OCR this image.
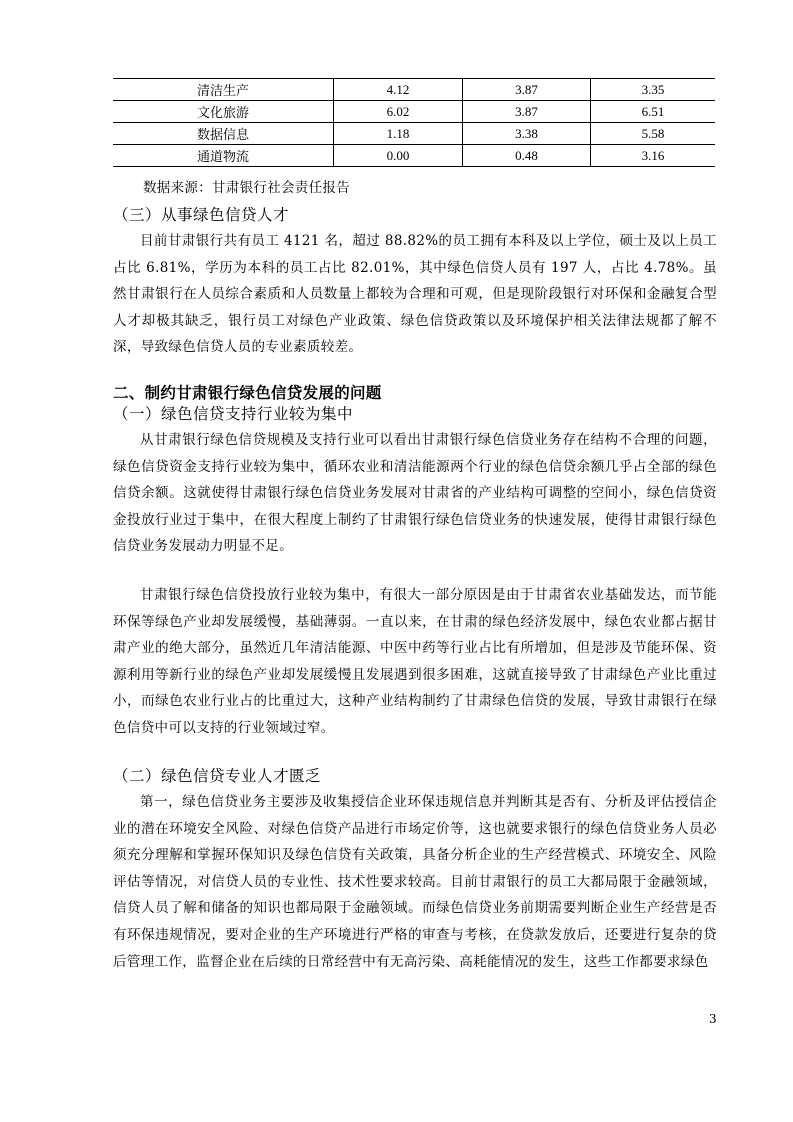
清洁生产	4.12	3.87	3.35
文化旅游	6.02	3.87	6.51
数据信息	1.18	3.38	5.58
通道物流	0.00	0.48	3.16
数据来源：甘肃银行社会责任报告
（三）从事绿色信贷人才

目前甘肃银行共有员工 4121 名，超过 88.82%的员工拥有本科及以上学位，硕士及以上员工占比 6.81%，学历为本科的员工占比 82.01%，其中绿色信贷人员有 197 人，占比 4.78%。虽然甘肃银行在人员综合素质和人员数量上都较为合理和可观，但是现阶段银行对环保和金融复合型人才却极其缺乏，银行员工对绿色产业政策、绿色信贷政策以及环境保护相关法律法规都了解不深，导致绿色信贷人员的专业素质较差。

二、制约甘肃银行绿色信贷发展的问题
（一）绿色信贷支持行业较为集中

从甘肃银行绿色信贷规模及支持行业可以看出甘肃银行绿色信贷业务存在结构不合理的问题，绿色信贷资金支持行业较为集中，循环农业和清洁能源两个行业的绿色信贷余额几乎占全部的绿色信贷余额。这就使得甘肃银行绿色信贷业务发展对甘肃省的产业结构可调整的空间小，绿色信贷资金投放行业过于集中，在很大程度上制约了甘肃银行绿色信贷业务的快速发展，使得甘肃银行绿色信贷业务发展动力明显不足。

甘肃银行绿色信贷投放行业较为集中，有很大一部分原因是由于甘肃省农业基础发达，而节能环保等绿色产业却发展缓慢，基础薄弱。一直以来，在甘肃的绿色经济发展中，绿色农业都占据甘肃产业的绝大部分，虽然近几年清洁能源、中医中药等行业占比有所增加，但是涉及节能环保、资源利用等新行业的绿色产业却发展缓慢且发展遇到很多困难，这就直接导致了甘肃绿色产业比重过小，而绿色农业行业占的比重过大，这种产业结构制约了甘肃绿色信贷的发展，导致甘肃银行在绿色信贷中可以支持的行业领域过窄。

（二）绿色信贷专业人才匮乏

第一，绿色信贷业务主要涉及收集授信企业环保违规信息并判断其是否有、分析及评估授信企业的潜在环境安全风险、对绿色信贷产品进行市场定价等，这也就要求银行的绿色信贷业务人员必须充分理解和掌握环保知识及绿色信贷有关政策，具备分析企业的生产经营模式、环境安全、风险评估等情况，对信贷人员的专业性、技术性要求较高。目前甘肃银行的员工大都局限于金融领域，信贷人员了解和储备的知识也都局限于金融领域。而绿色信贷业务前期需要判断企业生产经营是否有环保违规情况，要对企业的生产环境进行严格的审查与考核，在贷款发放后，还要进行复杂的贷后管理工作，监督企业在后续的日常经营中有无高污染、高耗能情况的发生，这些工作都要求绿色

3
